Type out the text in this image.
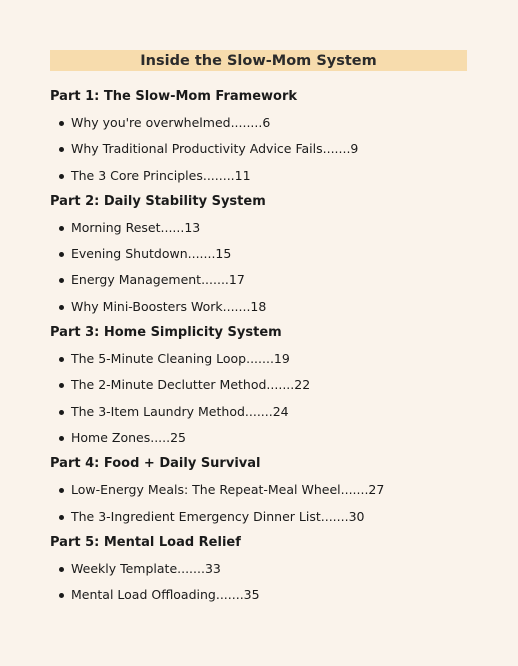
Inside the Slow-Mom System
Part 1: The Slow-Mom Framework
Why you're overwhelmed........6
Why Traditional Productivity Advice Fails.......9
The 3 Core Principles........11
Part 2: Daily Stability System
Morning Reset......13
Evening Shutdown.......15
Energy Management.......17
Why Mini-Boosters Work.......18
Part 3: Home Simplicity System
The 5-Minute Cleaning Loop.......19
The 2-Minute Declutter Method.......22
The 3-Item Laundry Method.......24
Home Zones.....25
Part 4: Food + Daily Survival
Low-Energy Meals: The Repeat-Meal Wheel.......27
The 3-Ingredient Emergency Dinner List.......30
Part 5: Mental Load Relief
Weekly Template.......33
Mental Load Offloading.......35
